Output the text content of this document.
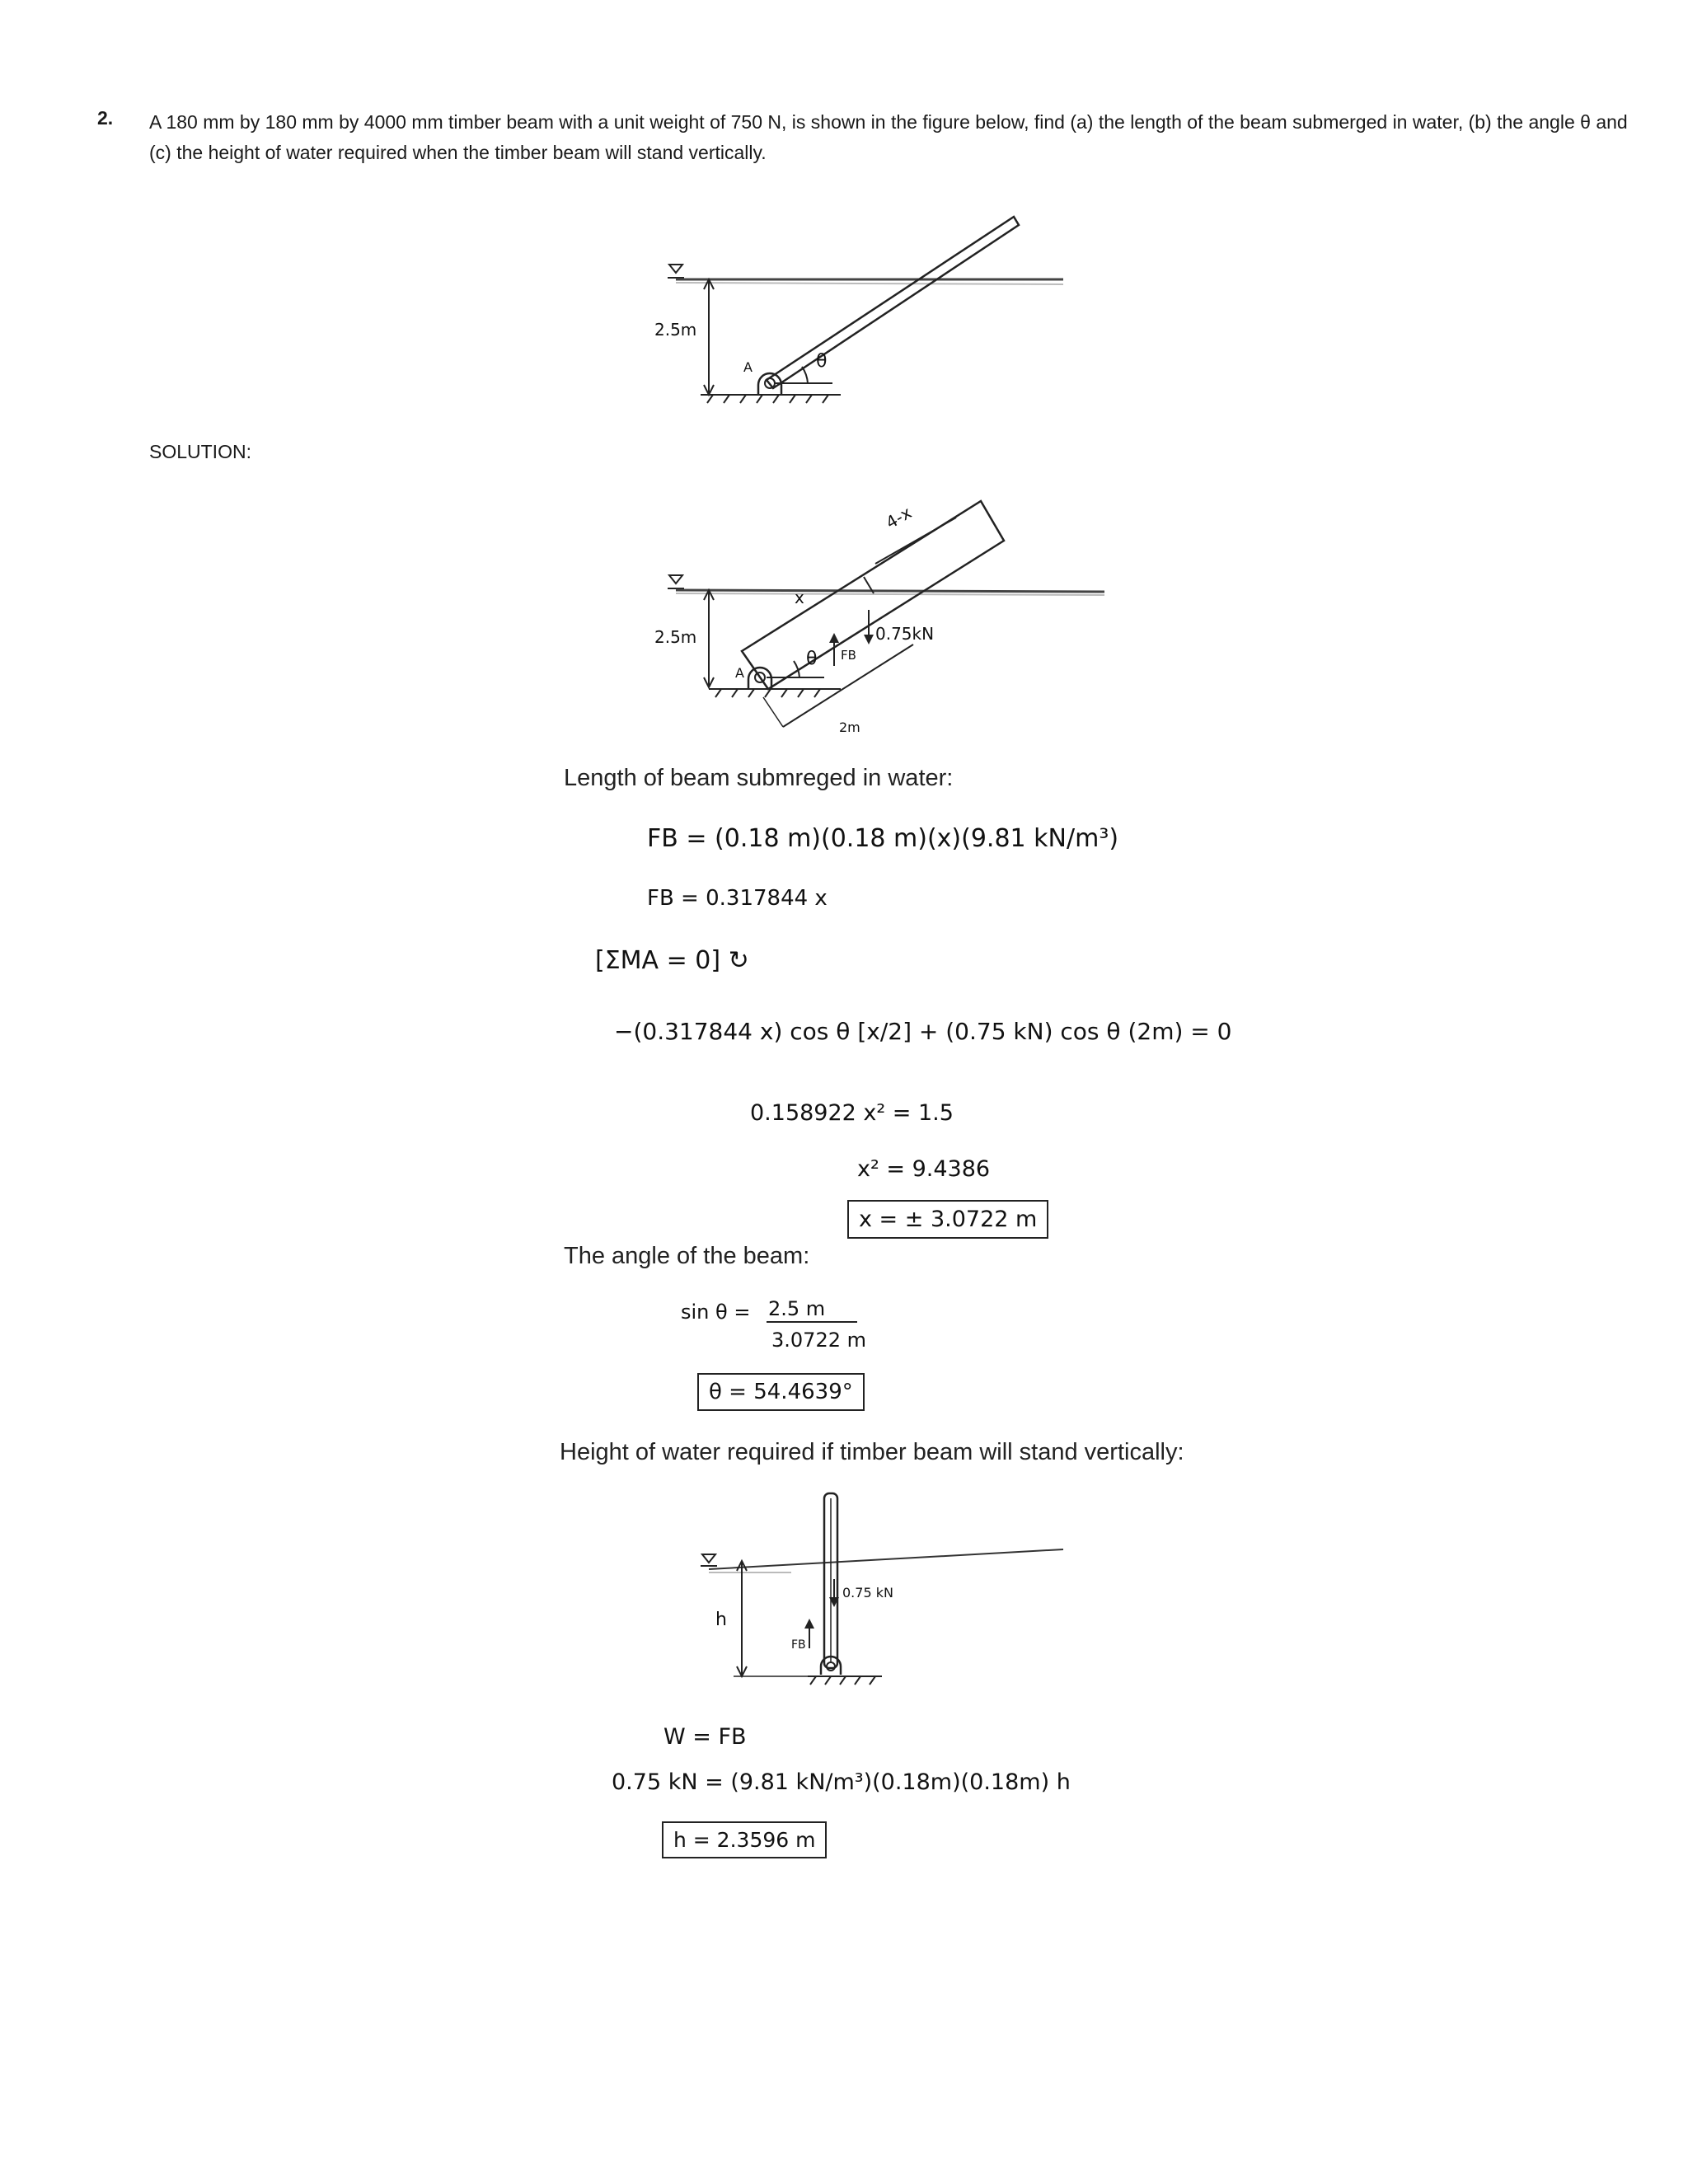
2. A 180 mm by 180 mm by 4000 mm timber beam with a unit weight of 750 N, is shown in the figure below, find (a) the length of the beam submerged in water, (b) the angle θ and (c) the height of water required when the timber beam will stand vertically.
2.5m
A	θ
SOLUTION:
2.5m
A
x
4-x
θ FB
0.75kN
2m
Length of beam submreged in water:
FB = (0.18 m)(0.18 m)(x)(9.81 kN/m³)
FB = 0.317844 x
[ΣMA = 0] ↻
−(0.317844 x) cos θ [x/2] + (0.75 kN) cos θ (2m) = 0
0.158922 x² = 1.5
x² = 9.4386
x = ± 3.0722 m
The angle of the beam:
sin θ = 2.5 m
3.0722 m
θ = 54.4639°
Height of water required if timber beam will stand vertically:
h
0.75 kN
FB
W = FB
0.75 kN = (9.81 kN/m³)(0.18m)(0.18m) h
h = 2.3596 m
